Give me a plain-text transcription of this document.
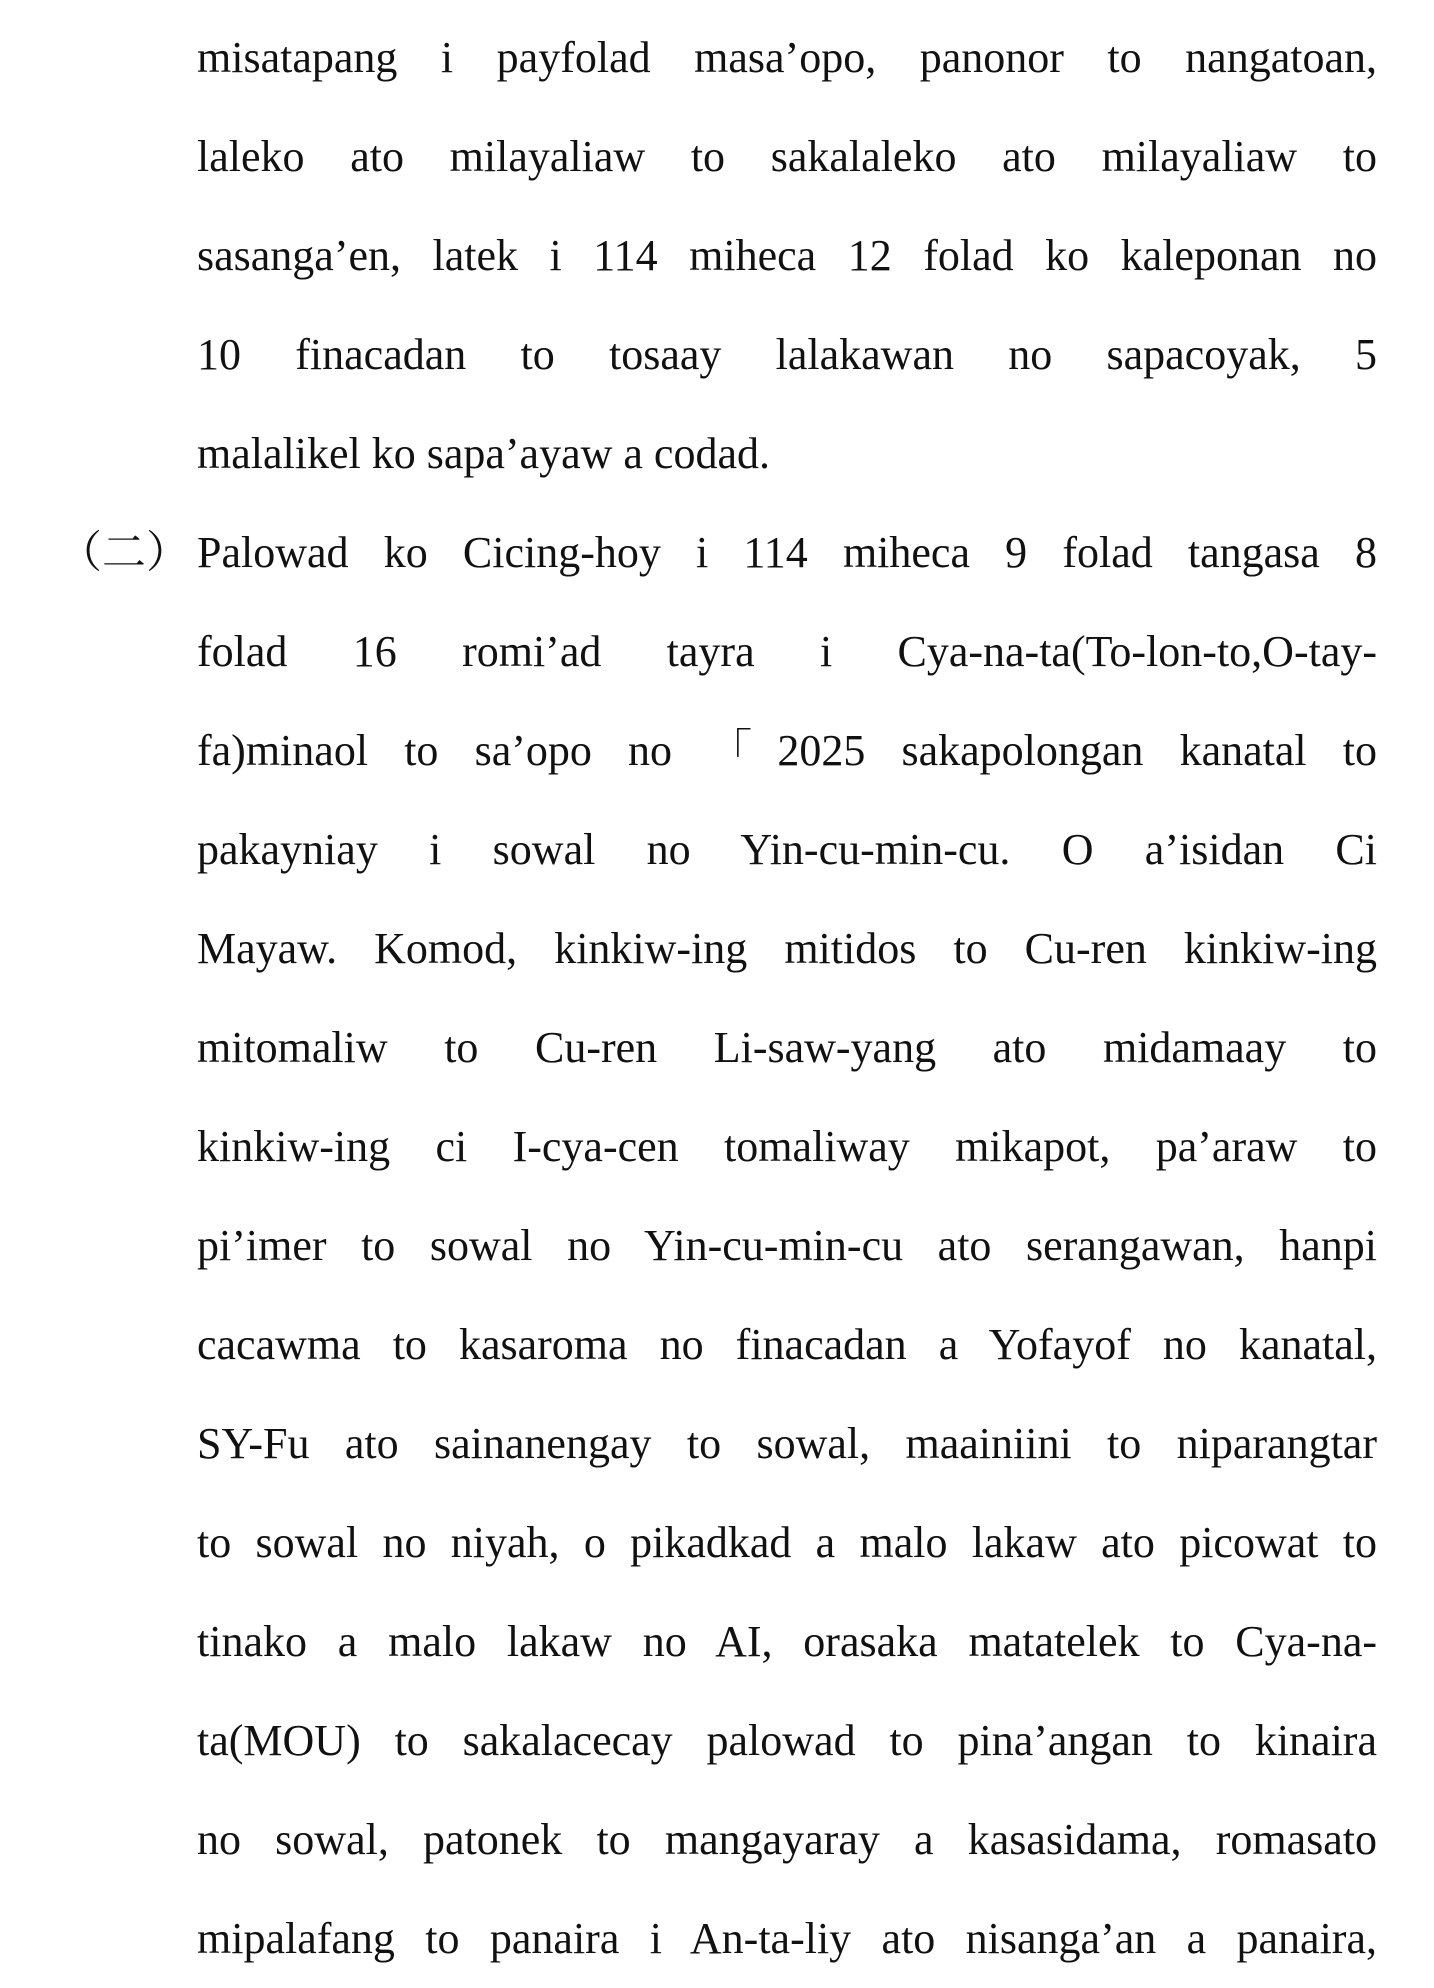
misatapang i payfolad masa’opo, panonor to nangatoan,
laleko ato milayaliaw to sakalaleko ato milayaliaw to
sasanga’en, latek i 114 miheca 12 folad ko kaleponan no
10 finacadan to tosaay lalakawan no sapacoyak, 5
malalikel ko sapa’ayaw a codad.
（二） Palowad ko Cicing-hoy i 114 miheca 9 folad tangasa 8
folad 16 romi’ad tayra i Cya-na-ta(To-lon-to,O-tay-
fa)minaol to sa’opo no 「2025 sakapolongan kanatal to
pakayniay i sowal no Yin-cu-min-cu. O a’isidan Ci
Mayaw. Komod, kinkiw-ing mitidos to Cu-ren kinkiw-ing
mitomaliw to Cu-ren Li-saw-yang ato midamaay to
kinkiw-ing ci I-cya-cen tomaliway mikapot, pa’araw to
pi’imer to sowal no Yin-cu-min-cu ato serangawan, hanpi
cacawma to kasaroma no finacadan a Yofayof no kanatal,
SY-Fu ato sainanengay to sowal, maainiini to niparangtar
to sowal no niyah, o pikadkad a malo lakaw ato picowat to
tinako a malo lakaw no AI, orasaka matatelek to Cya-na-
ta(MOU) to sakalacecay palowad to pina’angan to kinaira
no sowal, patonek to mangayaray a kasasidama, romasato
mipalafang to panaira i An-ta-liy ato nisanga’an a panaira,
